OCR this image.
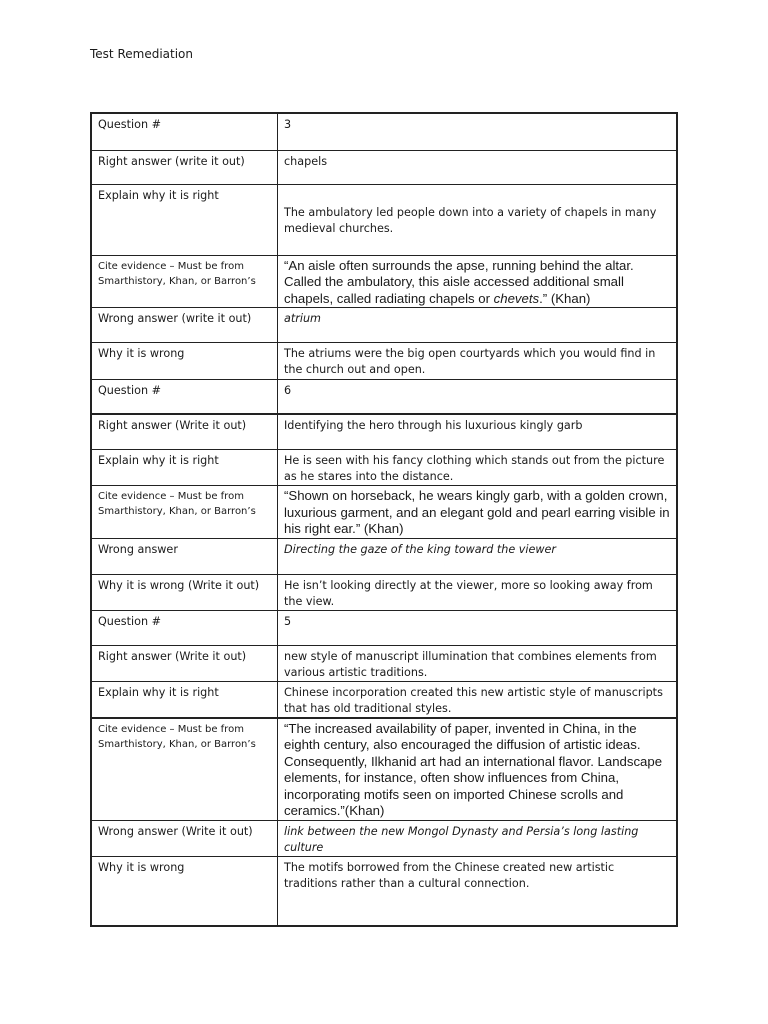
Test Remediation
Question #	3
Right answer (write it out)	chapels
Explain why it is right	The ambulatory led people down into a variety of chapels in many medieval churches.
Cite evidence – Must be from Smarthistory, Khan, or Barron’s	“An aisle often surrounds the apse, running behind the altar. Called the ambulatory, this aisle accessed additional small chapels, called radiating chapels or chevets.” (Khan)
Wrong answer (write it out)	atrium
Why it is wrong	The atriums were the big open courtyards which you would find in the church out and open.
Question #	6
Right answer (Write it out)	Identifying the hero through his luxurious kingly garb
Explain why it is right	He is seen with his fancy clothing which stands out from the picture as he stares into the distance.
Cite evidence – Must be from Smarthistory, Khan, or Barron’s	“Shown on horseback, he wears kingly garb, with a golden crown, luxurious garment, and an elegant gold and pearl earring visible in his right ear.” (Khan)
Wrong answer	Directing the gaze of the king toward the viewer
Why it is wrong (Write it out)	He isn’t looking directly at the viewer, more so looking away from the view.
Question #	5
Right answer (Write it out)	new style of manuscript illumination that combines elements from various artistic traditions.
Explain why it is right	Chinese incorporation created this new artistic style of manuscripts that has old traditional styles.
Cite evidence – Must be from Smarthistory, Khan, or Barron’s	“The increased availability of paper, invented in China, in the eighth century, also encouraged the diffusion of artistic ideas. Consequently, Ilkhanid art had an international flavor. Landscape elements, for instance, often show influences from China, incorporating motifs seen on imported Chinese scrolls and ceramics.”(Khan)
Wrong answer (Write it out)	link between the new Mongol Dynasty and Persia’s long lasting culture
Why it is wrong	The motifs borrowed from the Chinese created new artistic traditions rather than a cultural connection.
